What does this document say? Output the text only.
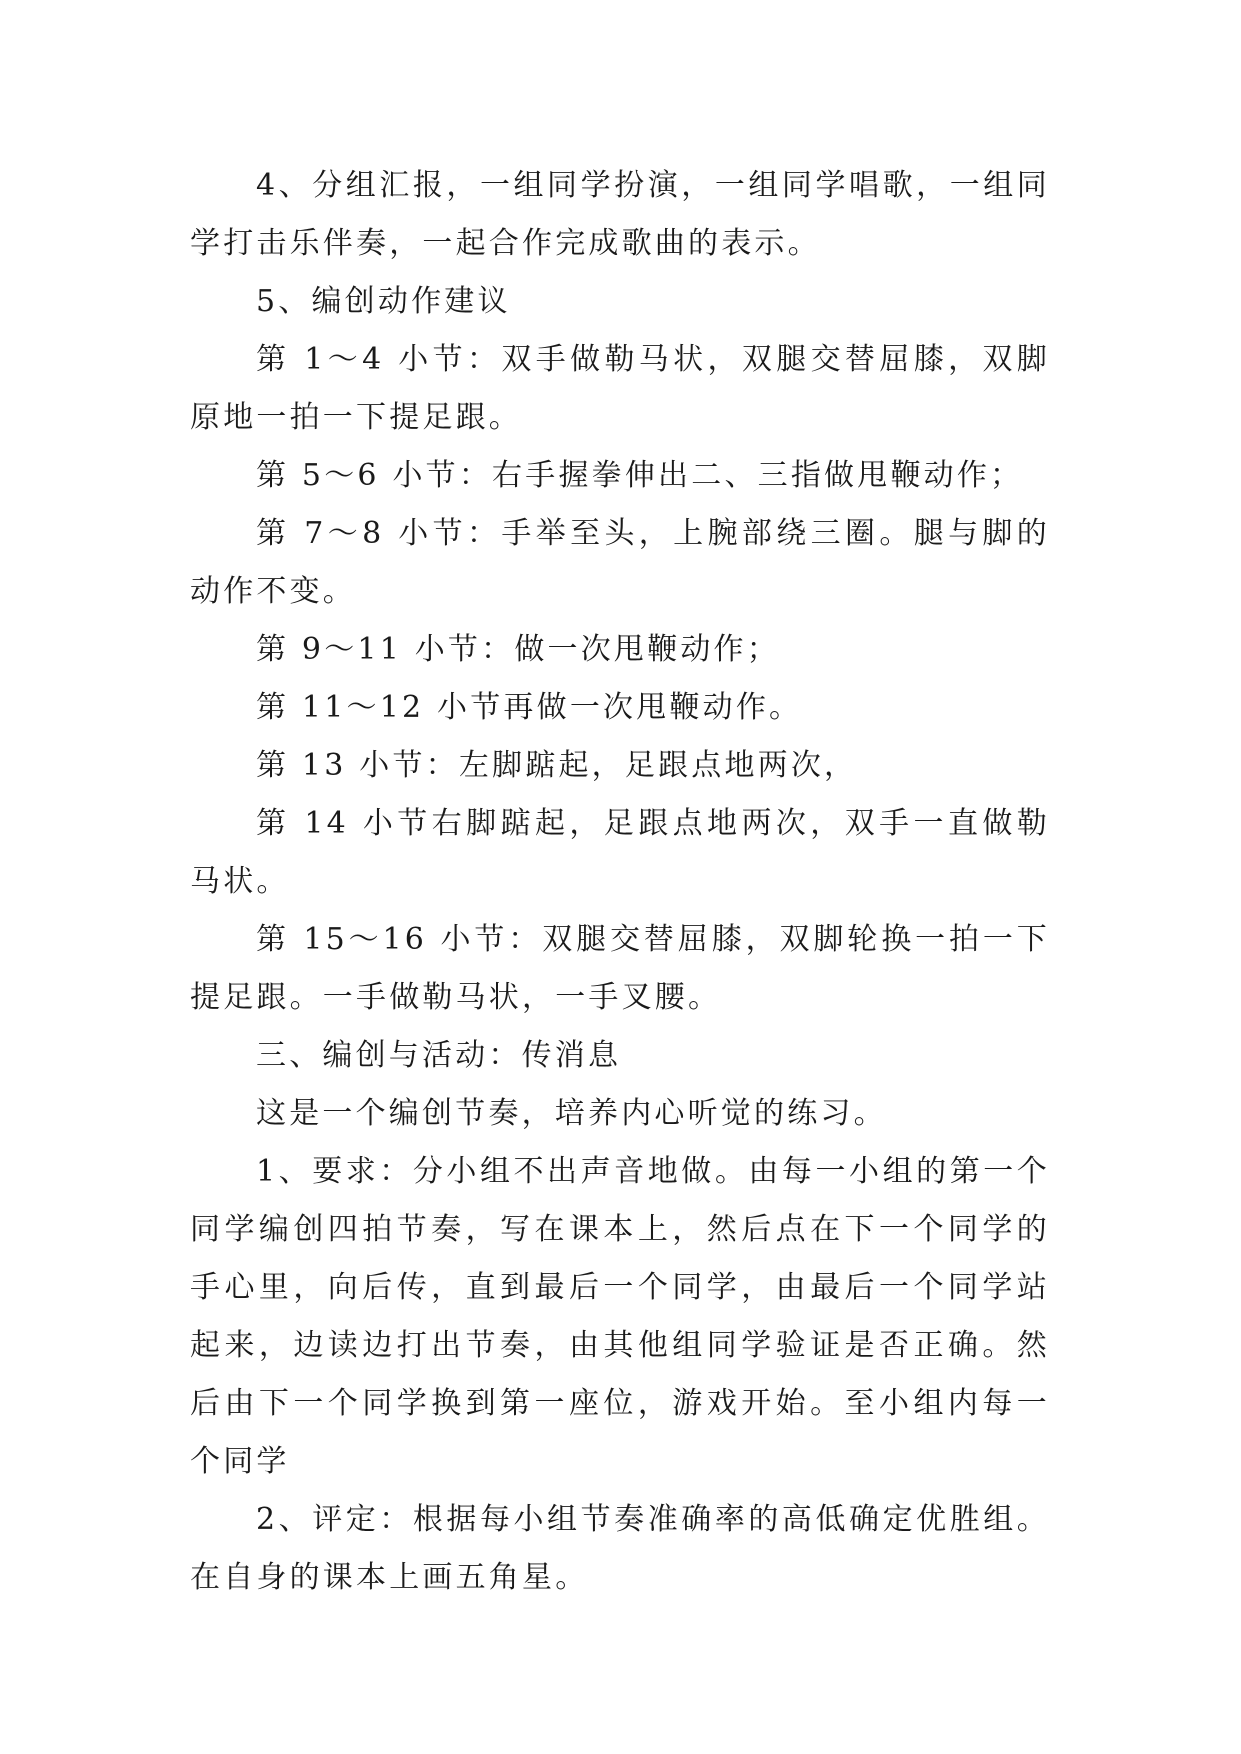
4、分组汇报，一组同学扮演，一组同学唱歌，一组同学打击乐伴奏，一起合作完成歌曲的表示。

5、编创动作建议

第 1～4 小节：双手做勒马状，双腿交替屈膝，双脚原地一拍一下提足跟。

第 5～6 小节：右手握拳伸出二、三指做甩鞭动作；

第 7～8 小节：手举至头，上腕部绕三圈。腿与脚的动作不变。

第 9～11 小节：做一次甩鞭动作；

第 11～12 小节再做一次甩鞭动作。

第 13 小节：左脚踮起，足跟点地两次，

第 14 小节右脚踮起，足跟点地两次，双手一直做勒马状。

第 15～16 小节：双腿交替屈膝，双脚轮换一拍一下提足跟。一手做勒马状，一手叉腰。

三、编创与活动：传消息

这是一个编创节奏，培养内心听觉的练习。

1、要求：分小组不出声音地做。由每一小组的第一个同学编创四拍节奏，写在课本上，然后点在下一个同学的手心里，向后传，直到最后一个同学，由最后一个同学站起来，边读边打出节奏，由其他组同学验证是否正确。然后由下一个同学换到第一座位，游戏开始。至小组内每一个同学

2、评定：根据每小组节奏准确率的高低确定优胜组。在自身的课本上画五角星。
